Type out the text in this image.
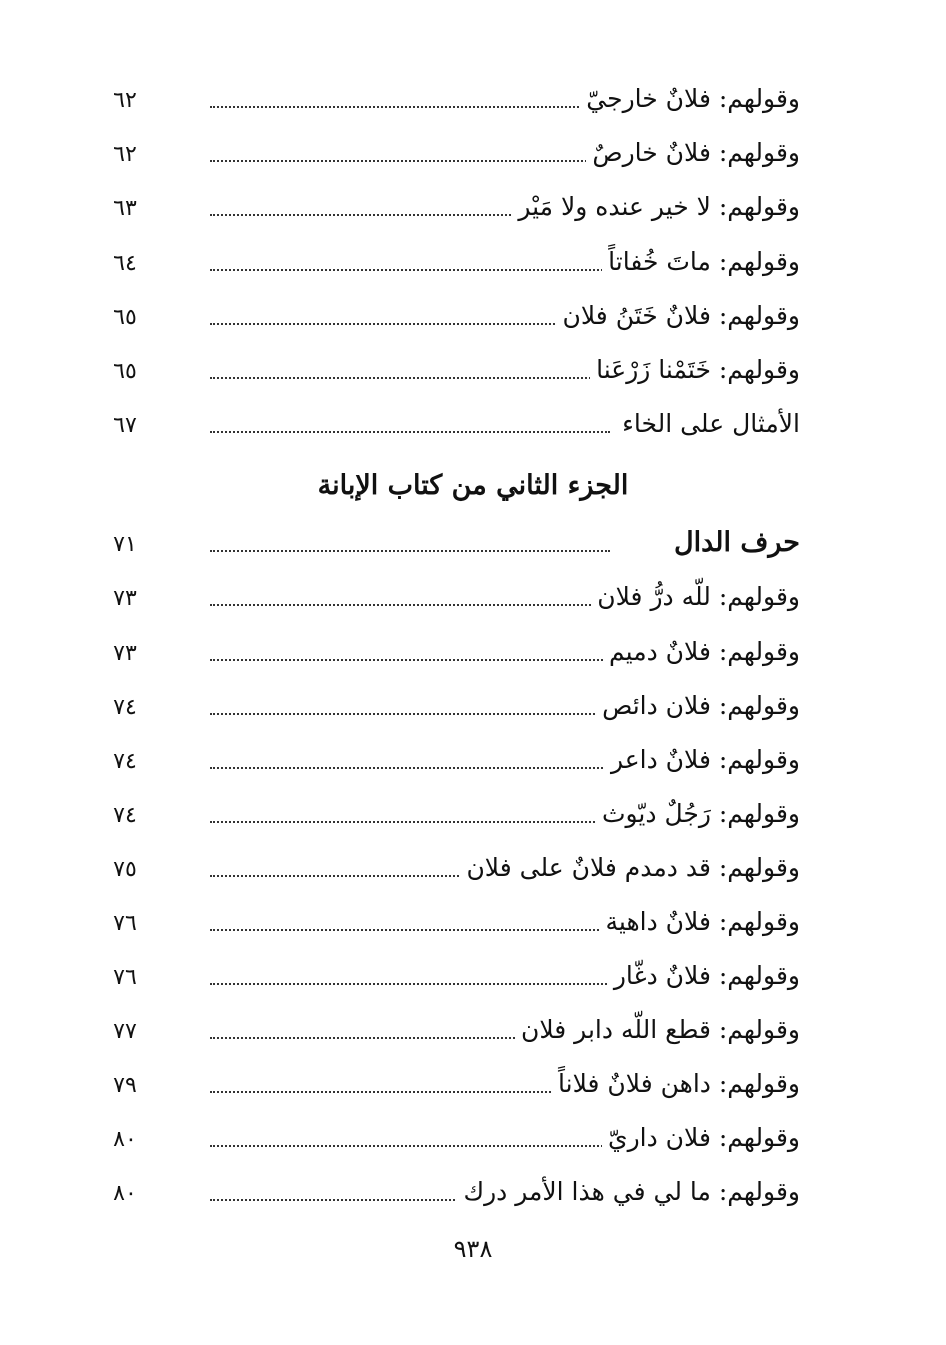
وقولهم: فلانٌ خارجيّ
٦٢
وقولهم: فلانٌ خارصٌ
٦٢
وقولهم: لا خير عنده ولا مَيْر
٦٣
وقولهم: ماتَ خُفاتاً
٦٤
وقولهم: فلانٌ خَتَنُ فلان
٦٥
وقولهم: خَتَمْنا زَرْعَنا
٦٥
الأمثال على الخاء
٦٧
الجزء الثاني من كتاب الإبانة
حرف الدال
٧١
وقولهم: للّه درُّ فلان
٧٣
وقولهم: فلانٌ دميم
٧٣
وقولهم: فلان دائص
٧٤
وقولهم: فلانٌ داعر
٧٤
وقولهم: رَجُلٌ ديّوث
٧٤
وقولهم: قد دمدم فلانٌ على فلان
٧٥
وقولهم: فلانٌ داهية
٧٦
وقولهم: فلانٌ دغّار
٧٦
وقولهم: قطع اللّه دابر فلان
٧٧
وقولهم: داهن فلانٌ فلاناً
٧٩
وقولهم: فلان داريّ
٨٠
وقولهم: ما لي في هذا الأمر درك
٨٠
٩٣٨
